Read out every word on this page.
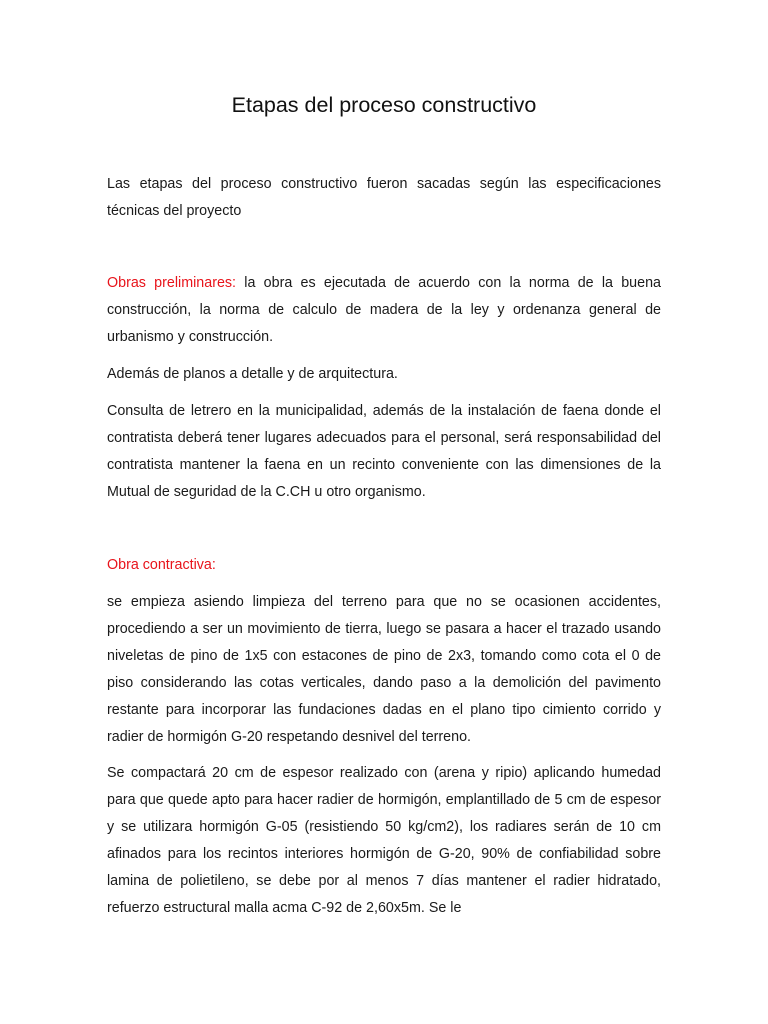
Etapas del proceso constructivo

Las etapas del proceso constructivo fueron sacadas según las especificaciones técnicas del proyecto

Obras preliminares: la obra es ejecutada de acuerdo con la norma de la buena construcción, la norma de calculo de madera de la ley y ordenanza general de urbanismo y construcción.

Además de planos a detalle y de arquitectura.

Consulta de letrero en la municipalidad, además de la instalación de faena donde el contratista deberá tener lugares adecuados para el personal, será responsabilidad del contratista mantener la faena en un recinto conveniente con las dimensiones de la Mutual de seguridad de la C.CH u otro organismo.

Obra contractiva:

se empieza asiendo limpieza del terreno para que no se ocasionen accidentes, procediendo a ser un movimiento de tierra, luego se pasara a hacer el trazado usando niveletas de pino de 1x5 con estacones de pino de 2x3, tomando como cota el 0 de piso considerando las cotas verticales, dando paso a la demolición del pavimento restante para incorporar las fundaciones dadas en el plano tipo cimiento corrido y radier de hormigón G-20 respetando desnivel del terreno.

Se compactará 20 cm de espesor realizado con (arena y ripio) aplicando humedad para que quede apto para hacer radier de hormigón, emplantillado de 5 cm de espesor y se utilizara hormigón G-05 (resistiendo 50 kg/cm2), los radiares serán de 10 cm afinados para los recintos interiores hormigón de G-20, 90% de confiabilidad sobre lamina de polietileno, se debe por al menos 7 días mantener el radier hidratado, refuerzo estructural malla acma C-92 de 2,60x5m. Se le
